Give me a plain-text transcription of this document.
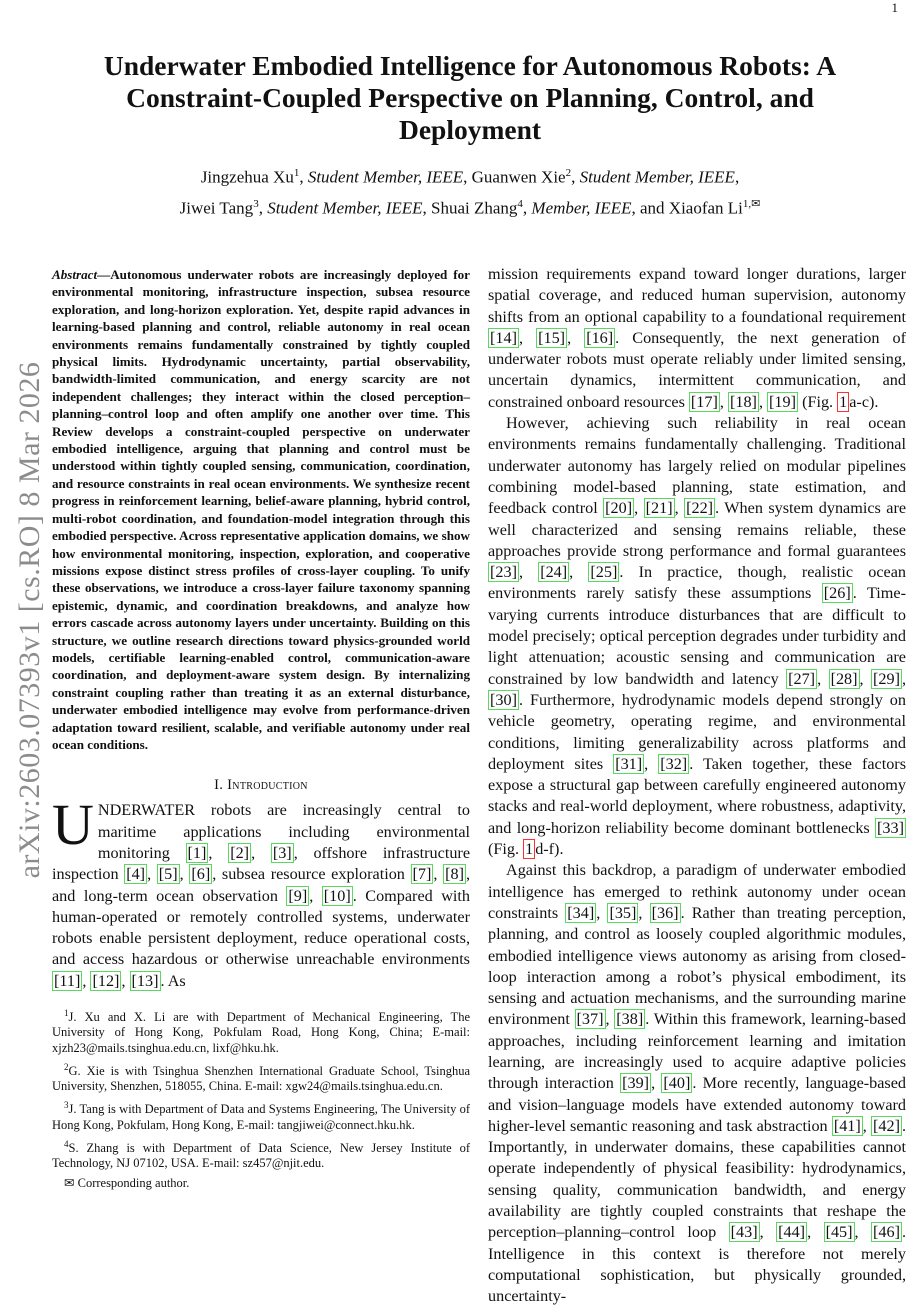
1
arXiv:2603.07393v1 [cs.RO] 8 Mar 2026
Underwater Embodied Intelligence for Autonomous Robots: A Constraint-Coupled Perspective on Planning, Control, and Deployment
Jingzehua Xu$^1$, Student Member, IEEE, Guanwen Xie$^2$, Student Member, IEEE,
Jiwei Tang$^3$, Student Member, IEEE, Shuai Zhang$^4$, Member, IEEE, and Xiaofan $Li^{1,✉}$
Abstract—Autonomous underwater robots are increasingly deployed for environmental monitoring, infrastructure inspection, subsea resource exploration, and long-horizon exploration. Yet, despite rapid advances in learning-based planning and control, reliable autonomy in real ocean environments remains fundamentally constrained by tightly coupled physical limits. Hydrodynamic uncertainty, partial observability, bandwidth-limited communication, and energy scarcity are not independent challenges; they interact within the closed perception–planning–control loop and often amplify one another over time. This Review develops a constraint-coupled perspective on underwater embodied intelligence, arguing that planning and control must be understood within tightly coupled sensing, communication, coordination, and resource constraints in real ocean environments. We synthesize recent progress in reinforcement learning, belief-aware planning, hybrid control, multi-robot coordination, and foundation-model integration through this embodied perspective. Across representative application domains, we show how environmental monitoring, inspection, exploration, and cooperative missions expose distinct stress profiles of cross-layer coupling. To unify these observations, we introduce a cross-layer failure taxonomy spanning epistemic, dynamic, and coordination breakdowns, and analyze how errors cascade across autonomy layers under uncertainty. Building on this structure, we outline research directions toward physics-grounded world models, certifiable learning-enabled control, communication-aware coordination, and deployment-aware system design. By internalizing constraint coupling rather than treating it as an external disturbance, underwater embodied intelligence may evolve from performance-driven adaptation toward resilient, scalable, and verifiable autonomy under real ocean conditions.
I. Introduction

UNDERWATER robots are increasingly central to maritime applications including environmental monitoring [1] , [2] , [3] , offshore infrastructure inspection [4] , [5] , [6] , subsea resource exploration [7] , [8] , and long-term ocean observation [9] , [10] . Compared with human-operated or remotely controlled systems, underwater robots enable persistent deployment, reduce operational costs, and access hazardous or otherwise unreachable environments [11] , [12] , [13] . As

$^1$J. Xu and X. Li are with Department of Mechanical Engineering, The University of Hong Kong, Pokfulam Road, Hong Kong, China; E-mail: xjzh23@mails.tsinghua.edu.cn, lixf@hku.hk.

$^2$G. Xie is with Tsinghua Shenzhen International Graduate School, Tsinghua University, Shenzhen, 518055, China. E-mail: xgw24@mails.tsinghua.edu.cn.

$^3$J. Tang is with Department of Data and Systems Engineering, The University of Hong Kong, Pokfulam, Hong Kong, E-mail: tangjiwei@connect.hku.hk.

$^4$S. Zhang is with Department of Data Science, New Jersey Institute of Technology, NJ 07102, USA. E-mail: sz457@njit.edu.

✉ Corresponding author.

mission requirements expand toward longer durations, larger spatial coverage, and reduced human supervision, autonomy shifts from an optional capability to a foundational requirement [14] , [15] , [16] . Consequently, the next generation of underwater robots must operate reliably under limited sensing, uncertain dynamics, intermittent communication, and constrained onboard resources [17] , [18] , [19] (Fig. 1 a-c).

However, achieving such reliability in real ocean environments remains fundamentally challenging. Traditional underwater autonomy has largely relied on modular pipelines combining model-based planning, state estimation, and feedback control [20] , [21] , [22] . When system dynamics are well characterized and sensing remains reliable, these approaches provide strong performance and formal guarantees [23] , [24] , [25] . In practice, though, realistic ocean environments rarely satisfy these assumptions [26] . Time-varying currents introduce disturbances that are difficult to model precisely; optical perception degrades under turbidity and light attenuation; acoustic sensing and communication are constrained by low bandwidth and latency [27] , [28] , [29] , [30] . Furthermore, hydrodynamic models depend strongly on vehicle geometry, operating regime, and environmental conditions, limiting generalizability across platforms and deployment sites [31] , [32] . Taken together, these factors expose a structural gap between carefully engineered autonomy stacks and real-world deployment, where robustness, adaptivity, and long-horizon reliability become dominant bottlenecks [33] (Fig. 1 d-f).

Against this backdrop, a paradigm of underwater embodied intelligence has emerged to rethink autonomy under ocean constraints [34] , [35] , [36] . Rather than treating perception, planning, and control as loosely coupled algorithmic modules, embodied intelligence views autonomy as arising from closed-loop interaction among a robot’s physical embodiment, its sensing and actuation mechanisms, and the surrounding marine environment [37] , [38] . Within this framework, learning-based approaches, including reinforcement learning and imitation learning, are increasingly used to acquire adaptive policies through interaction [39] , [40] . More recently, language-based and vision–language models have extended autonomy toward higher-level semantic reasoning and task abstraction [41] , [42] . Importantly, in underwater domains, these capabilities cannot operate independently of physical feasibility: hydrodynamics, sensing quality, communication bandwidth, and energy availability are tightly coupled constraints that reshape the perception–planning–control loop [43] , [44] , [45] , [46] . Intelligence in this context is therefore not merely computational sophistication, but physically grounded, uncertainty-
